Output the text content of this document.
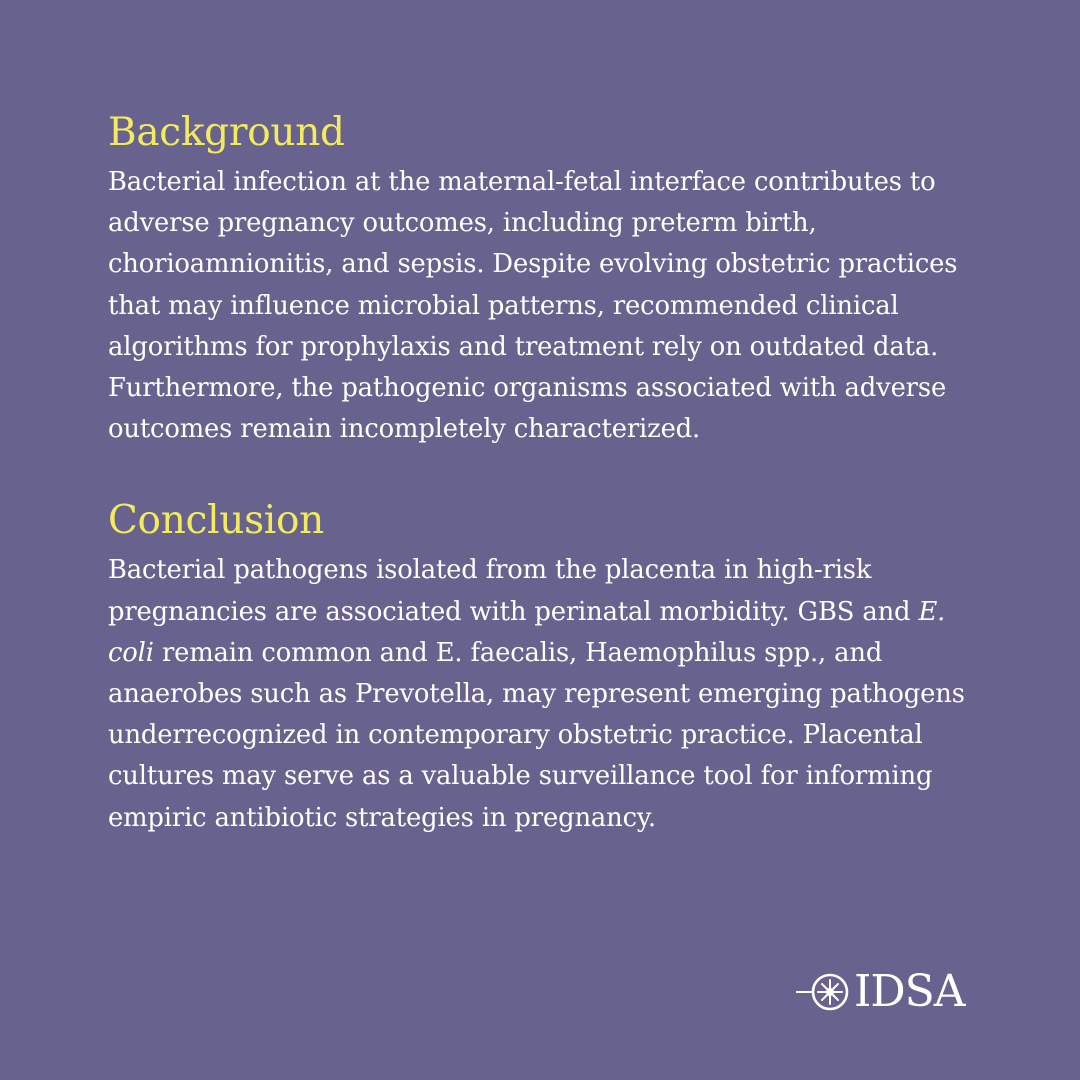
Background

Bacterial infection at the maternal-fetal interface contributes to adverse pregnancy outcomes, including preterm birth, chorioamnionitis, and sepsis. Despite evolving obstetric practices that may influence microbial patterns, recommended clinical algorithms for prophylaxis and treatment rely on outdated data. Furthermore, the pathogenic organisms associated with adverse outcomes remain incompletely characterized.

Conclusion

Bacterial pathogens isolated from the placenta in high-risk pregnancies are associated with perinatal morbidity. GBS and E. coli remain common and E. faecalis, Haemophilus spp., and anaerobes such as Prevotella, may represent emerging pathogens underrecognized in contemporary obstetric practice. Placental cultures may serve as a valuable surveillance tool for informing empiric antibiotic strategies in pregnancy.

IDSA
